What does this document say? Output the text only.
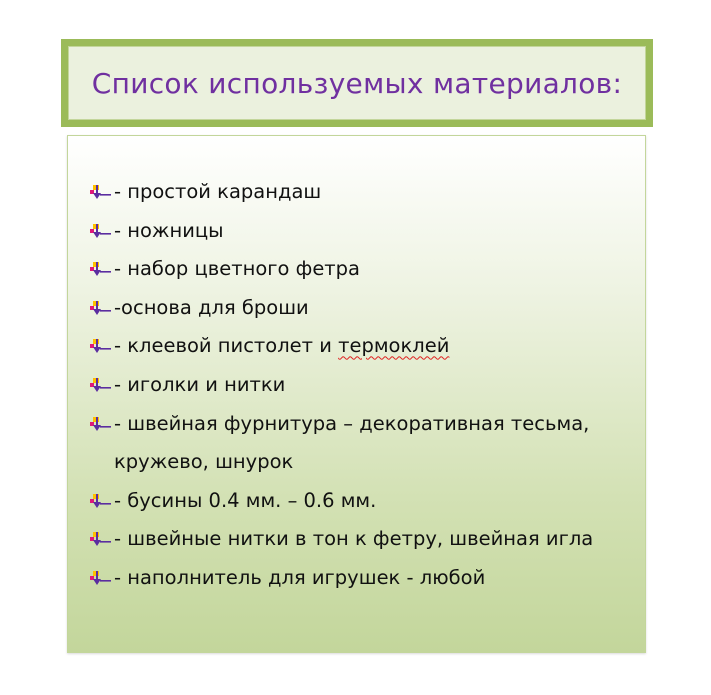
Список используемых материалов:
- простой карандаш
- ножницы
- набор цветного фетра
-основа для броши
- клеевой пистолет и термоклей
- иголки и нитки
- швейная фурнитура – декоративная тесьма,
кружево, шнурок
- бусины 0.4 мм. – 0.6 мм.
- швейные нитки в тон к фетру, швейная игла
- наполнитель для игрушек - любой
